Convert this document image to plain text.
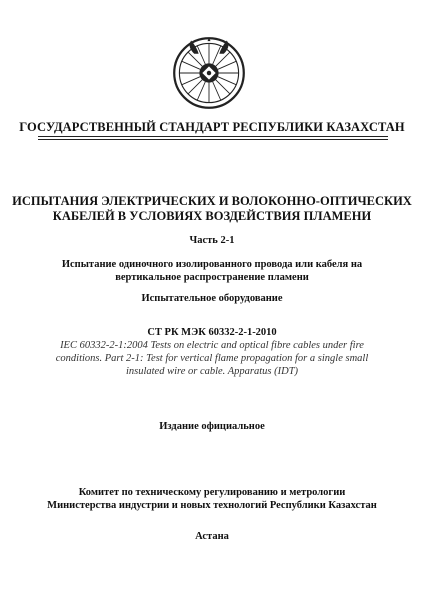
ГОСУДАРСТВЕННЫЙ СТАНДАРТ РЕСПУБЛИКИ КАЗАХСТАН
ИСПЫТАНИЯ ЭЛЕКТРИЧЕСКИХ И ВОЛОКОННО-ОПТИЧЕСКИХ
КАБЕЛЕЙ В УСЛОВИЯХ ВОЗДЕЙСТВИЯ ПЛАМЕНИ
Часть 2-1
Испытание одиночного изолированного провода или кабеля на
вертикальное распространение пламени
Испытательное оборудование
СТ РК МЭК 60332-2-1-2010
IEC 60332-2-1:2004 Tests on electric and optical fibre cables under fire
conditions. Part 2-1: Test for vertical flame propagation for a single small
insulated wire or cable. Apparatus (IDT)
Издание официальное
Комитет по техническому регулированию и метрологии
Министерства индустрии и новых технологий Республики Казахстан
Астана
